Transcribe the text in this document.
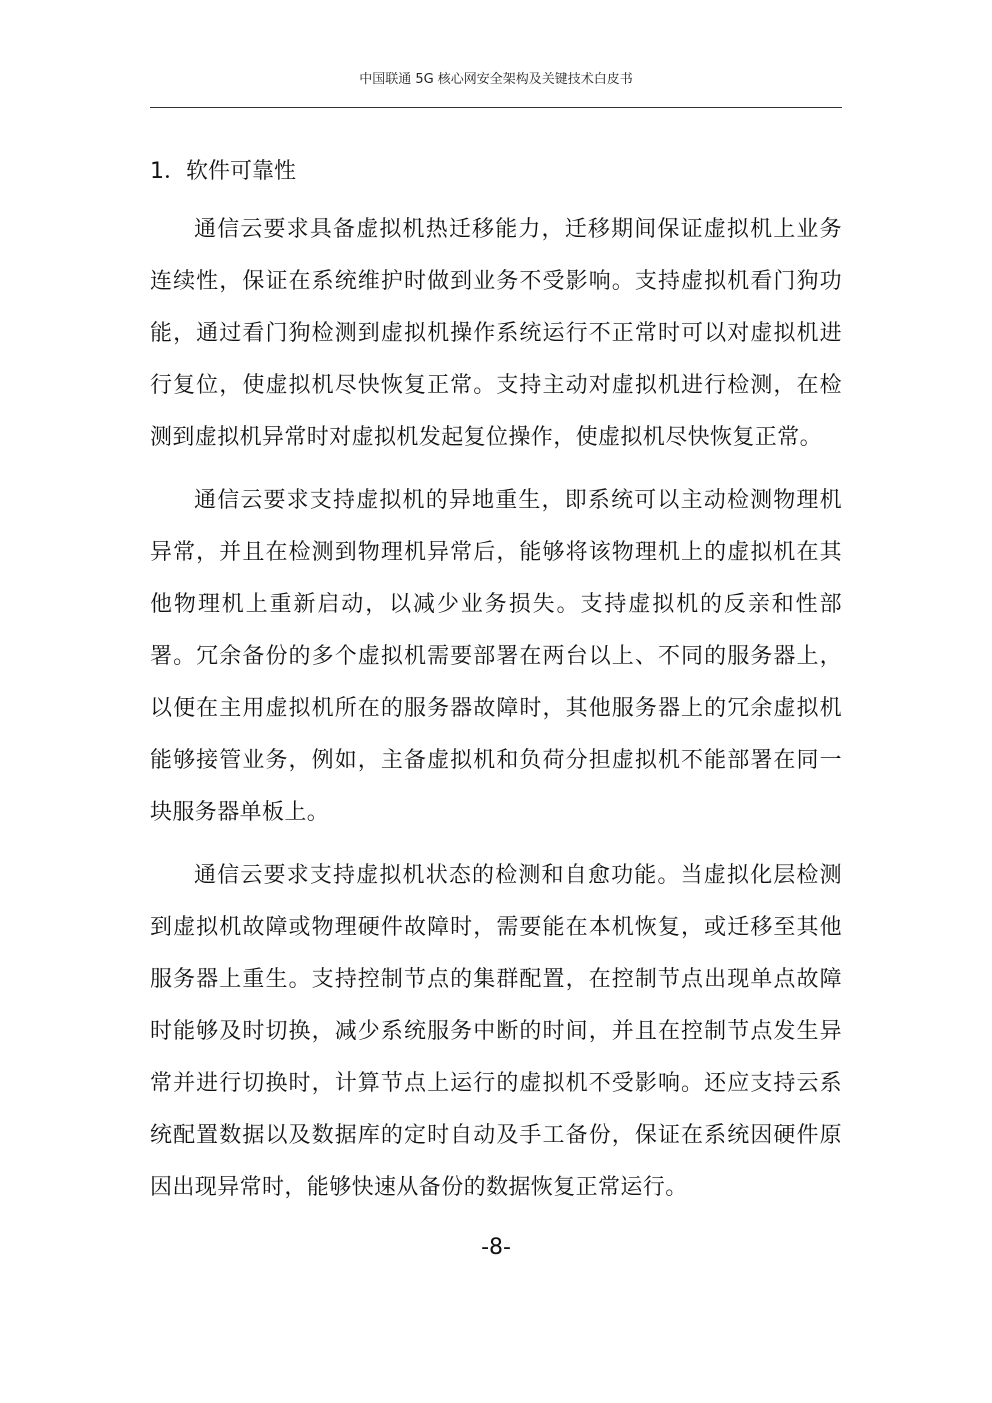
中国联通 5G 核心网安全架构及关键技术白皮书
1．软件可靠性

通信云要求具备虚拟机热迁移能力，迁移期间保证虚拟机上业务连续性，保证在系统维护时做到业务不受影响。支持虚拟机看门狗功能，通过看门狗检测到虚拟机操作系统运行不正常时可以对虚拟机进行复位，使虚拟机尽快恢复正常。支持主动对虚拟机进行检测，在检测到虚拟机异常时对虚拟机发起复位操作，使虚拟机尽快恢复正常。

通信云要求支持虚拟机的异地重生，即系统可以主动检测物理机异常，并且在检测到物理机异常后，能够将该物理机上的虚拟机在其他物理机上重新启动，以减少业务损失。支持虚拟机的反亲和性部署。冗余备份的多个虚拟机需要部署在两台以上、不同的服务器上，以便在主用虚拟机所在的服务器故障时，其他服务器上的冗余虚拟机能够接管业务，例如，主备虚拟机和负荷分担虚拟机不能部署在同一块服务器单板上。

通信云要求支持虚拟机状态的检测和自愈功能。当虚拟化层检测到虚拟机故障或物理硬件故障时，需要能在本机恢复，或迁移至其他服务器上重生。支持控制节点的集群配置，在控制节点出现单点故障时能够及时切换，减少系统服务中断的时间，并且在控制节点发生异常并进行切换时，计算节点上运行的虚拟机不受影响。还应支持云系统配置数据以及数据库的定时自动及手工备份，保证在系统因硬件原因出现异常时，能够快速从备份的数据恢复正常运行。

-8-
